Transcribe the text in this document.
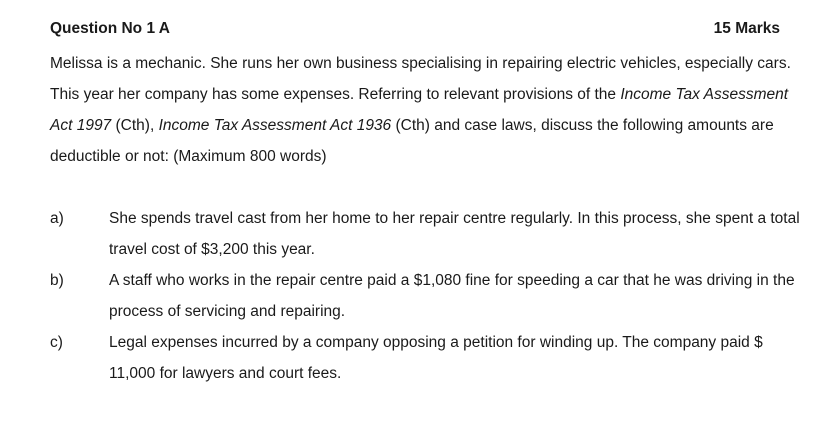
Question No 1 A	15 Marks
Melissa is a mechanic. She runs her own business specialising in repairing electric vehicles, especially cars. This year her company has some expenses. Referring to relevant provisions of the Income Tax Assessment Act 1997 (Cth), Income Tax Assessment Act 1936 (Cth) and case laws, discuss the following amounts are deductible or not: (Maximum 800 words)
a)	She spends travel cast from her home to her repair centre regularly. In this process, she spent a total travel cost of $3,200 this year.
b)	A staff who works in the repair centre paid a $1,080 fine for speeding a car that he was driving in the process of servicing and repairing.
c)	Legal expenses incurred by a company opposing a petition for winding up. The company paid $ 11,000 for lawyers and court fees.
